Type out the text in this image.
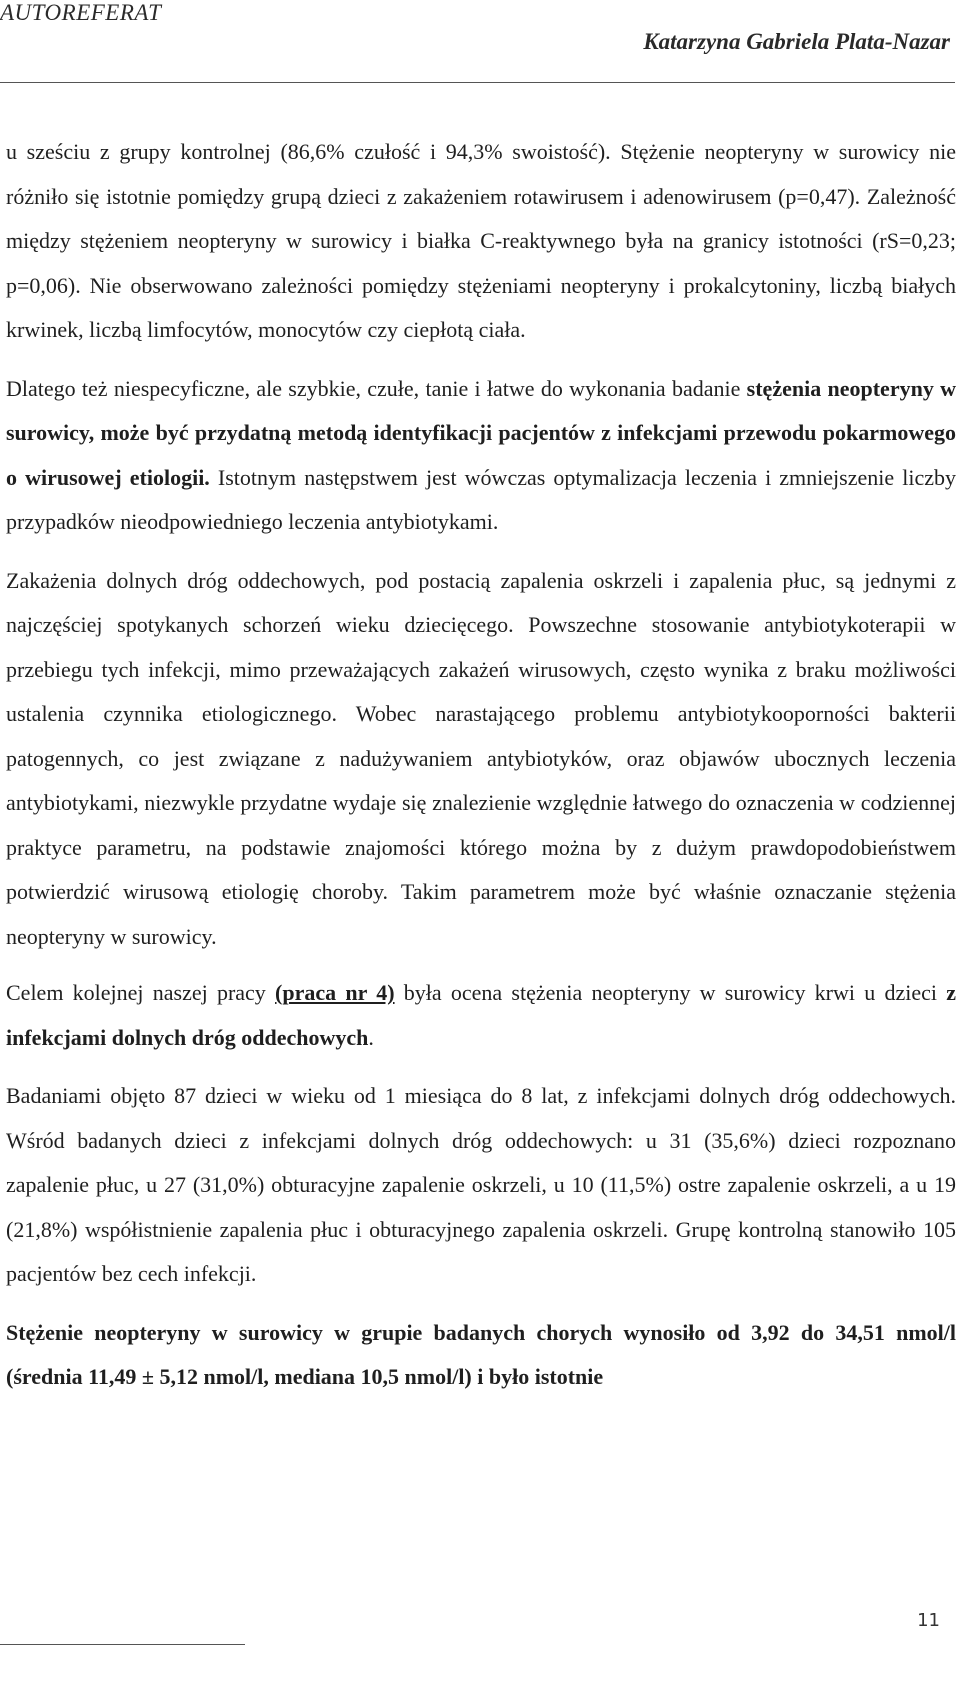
AUTOREFERAT
Katarzyna Gabriela Plata-Nazar

u sześciu z grupy kontrolnej (86,6% czułość i 94,3% swoistość). Stężenie neopteryny w surowicy nie różniło się istotnie pomiędzy grupą dzieci z zakażeniem rotawirusem i adenowirusem (p=0,47). Zależność między stężeniem neopteryny w surowicy i białka C-reaktywnego była na granicy istotności (rS=0,23; p=0,06). Nie obserwowano zależności pomiędzy stężeniami neopteryny i prokalcytoniny, liczbą białych krwinek, liczbą limfocytów, monocytów czy ciepłotą ciała.

Dlatego też niespecyficzne, ale szybkie, czułe, tanie i łatwe do wykonania badanie stężenia neopteryny w surowicy, może być przydatną metodą identyfikacji pacjentów z infekcjami przewodu pokarmowego o wirusowej etiologii. Istotnym następstwem jest wówczas optymalizacja leczenia i zmniejszenie liczby przypadków nieodpowiedniego leczenia antybiotykami.

Zakażenia dolnych dróg oddechowych, pod postacią zapalenia oskrzeli i zapalenia płuc, są jednymi z najczęściej spotykanych schorzeń wieku dziecięcego. Powszechne stosowanie antybiotykoterapii w przebiegu tych infekcji, mimo przeważających zakażeń wirusowych, często wynika z braku możliwości ustalenia czynnika etiologicznego. Wobec narastającego problemu antybiotykooporności bakterii patogennych, co jest związane z nadużywaniem antybiotyków, oraz objawów ubocznych leczenia antybiotykami, niezwykle przydatne wydaje się znalezienie względnie łatwego do oznaczenia w codziennej praktyce parametru, na podstawie znajomości którego można by z dużym prawdopodobieństwem potwierdzić wirusową etiologię choroby. Takim parametrem może być właśnie oznaczanie stężenia neopteryny w surowicy.

Celem kolejnej naszej pracy (praca nr 4) była ocena stężenia neopteryny w surowicy krwi u dzieci z infekcjami dolnych dróg oddechowych.

Badaniami objęto 87 dzieci w wieku od 1 miesiąca do 8 lat, z infekcjami dolnych dróg oddechowych. Wśród badanych dzieci z infekcjami dolnych dróg oddechowych: u 31 (35,6%) dzieci rozpoznano zapalenie płuc, u 27 (31,0%) obturacyjne zapalenie oskrzeli, u 10 (11,5%) ostre zapalenie oskrzeli, a u 19 (21,8%) współistnienie zapalenia płuc i obturacyjnego zapalenia oskrzeli. Grupę kontrolną stanowiło 105 pacjentów bez cech infekcji.

Stężenie neopteryny w surowicy w grupie badanych chorych wynosiło od 3,92 do 34,51 nmol/l (średnia 11,49 ± 5,12 nmol/l, mediana 10,5 nmol/l) i było istotnie

11
